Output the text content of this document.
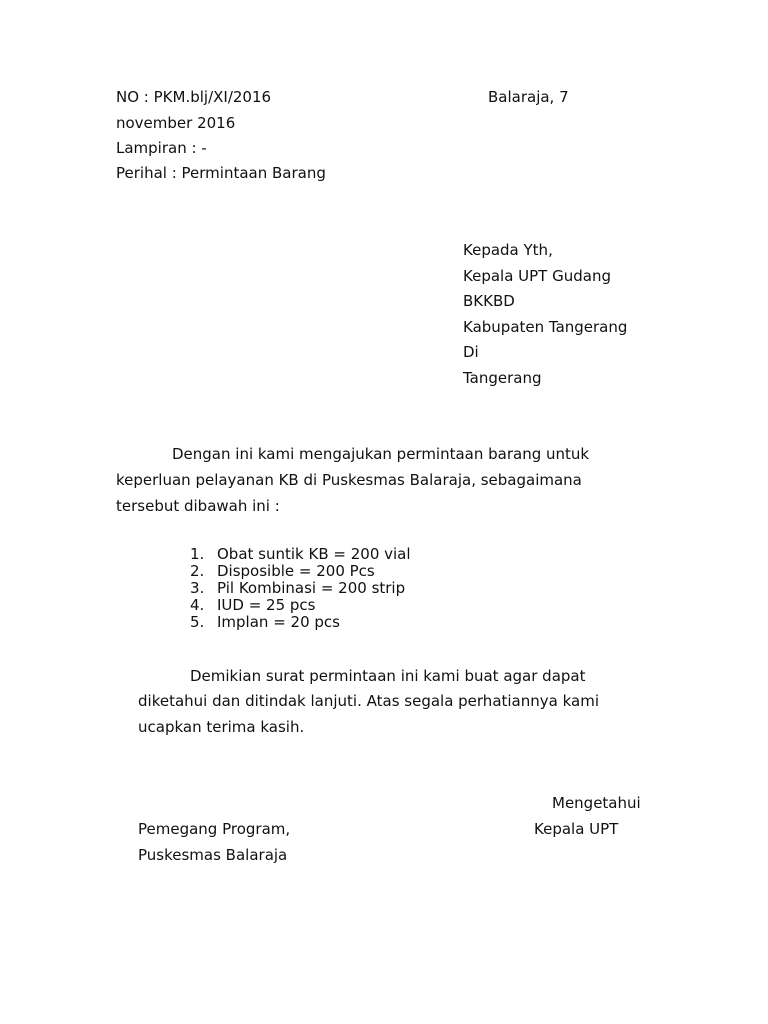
NO : PKM.blj/XI/2016	Balaraja, 7
november 2016
Lampiran : -
Perihal : Permintaan Barang
Kepada Yth,
Kepala UPT Gudang
BKKBD
Kabupaten Tangerang
Di
Tangerang
Dengan ini kami mengajukan permintaan barang untuk
keperluan pelayanan KB di Puskesmas Balaraja, sebagaimana
tersebut dibawah ini :
1. Obat suntik KB = 200 vial
2. Disposible = 200 Pcs
3. Pil Kombinasi = 200 strip
4. IUD = 25 pcs
5. Implan = 20 pcs
Demikian surat permintaan ini kami buat agar dapat
diketahui dan ditindak lanjuti. Atas segala perhatiannya kami
ucapkan terima kasih.
Mengetahui
Pemegang Program,	Kepala UPT
Puskesmas Balaraja
